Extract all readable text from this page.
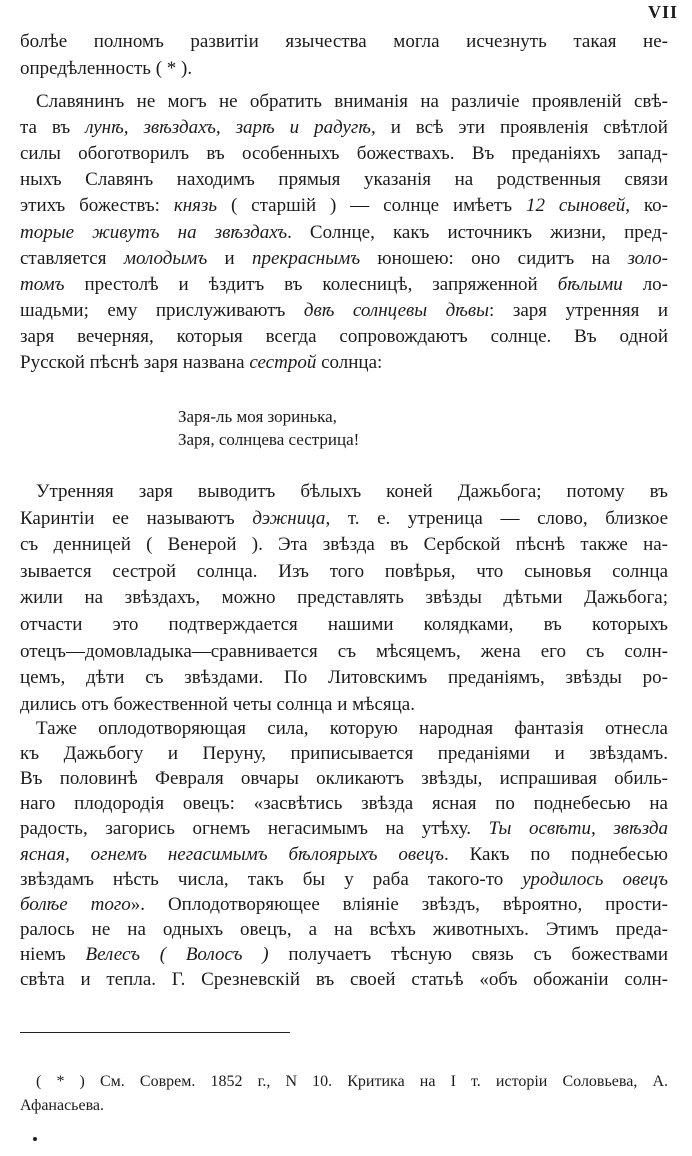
VII
болѣе полномъ развитіи язычества могла исчезнуть такая не-
опредѣленность ( * ).
Славянинъ не могъ не обратить вниманія на различіе проявленій свѣ-
та въ лунѣ, звѣздахъ, зарѣ и радугѣ, и всѣ эти проявленія свѣтлой
силы обоготворилъ въ особенныхъ божествахъ. Въ преданіяхъ запад-
ныхъ Славянъ находимъ прямыя указанія на родственныя связи
этихъ божествъ: князь ( старшій ) — солнце имѣетъ 12 сыновей, ко-
торые живутъ на звѣздахъ. Солнце, какъ источникъ жизни, пред-
ставляется молодымъ и прекраснымъ юношею: оно сидитъ на золо-
томъ престолѣ и ѣздитъ въ колесницѣ, запряженной бѣлыми ло-
шадьми; ему прислуживаютъ двѣ солнцевы дѣвы: заря утренняя и
заря вечерняя, которыя всегда сопровождаютъ солнце. Въ одной
Русской пѣснѣ заря названа сестрой солнца:
Утренняя заря выводитъ бѣлыхъ коней Дажьбога; потому въ
Каринтіи ее называютъ дэжница, т. е. утреница — слово, близкое
съ денницей ( Венерой ). Эта звѣзда въ Сербской пѣснѣ также на-
зывается сестрой солнца. Изъ того повѣрья, что сыновья солнца
жили на звѣздахъ, можно представлять звѣзды дѣтьми Дажьбога;
отчасти это подтверждается нашими колядками, въ которыхъ
отецъ—домовладыка—сравнивается съ мѣсяцемъ, жена его съ солн-
цемъ, дѣти съ звѣздами. По Литовскимъ преданіямъ, звѣзды ро-
дились отъ божественной четы солнца и мѣсяца.
Таже оплодотворяющая сила, которую народная фантазія отнесла
къ Дажьбогу и Перуну, приписывается преданіями и звѣздамъ.
Въ половинѣ Февраля овчары окликаютъ звѣзды, испрашивая обиль-
наго плодородія овецъ: «засвѣтись звѣзда ясная по поднебесью на
радость, загорись огнемъ негасимымъ на утѣху. Ты освѣти, звѣзда
ясная, огнемъ негасимымъ бѣлоярыхъ овецъ. Какъ по поднебесью
звѣздамъ нѣсть числа, такъ бы у раба такого-то уродилось овецъ
болѣе того». Оплодотворяющее вліяніе звѣздъ, вѣроятно, прости-
ралось не на одныхъ овецъ, а на всѣхъ животныхъ. Этимъ преда-
ніемъ Велесъ ( Волосъ ) получаетъ тѣсную связь съ божествами
свѣта и тепла. Г. Срезневскій въ своей статьѣ «объ обожаніи солн-
Заря-ль моя зоринька,
Заря, солнцева сестрица!
( * ) См. Соврем. 1852 г., N 10. Критика на I т. исторіи Соловьева, А.
Афанасьева.
